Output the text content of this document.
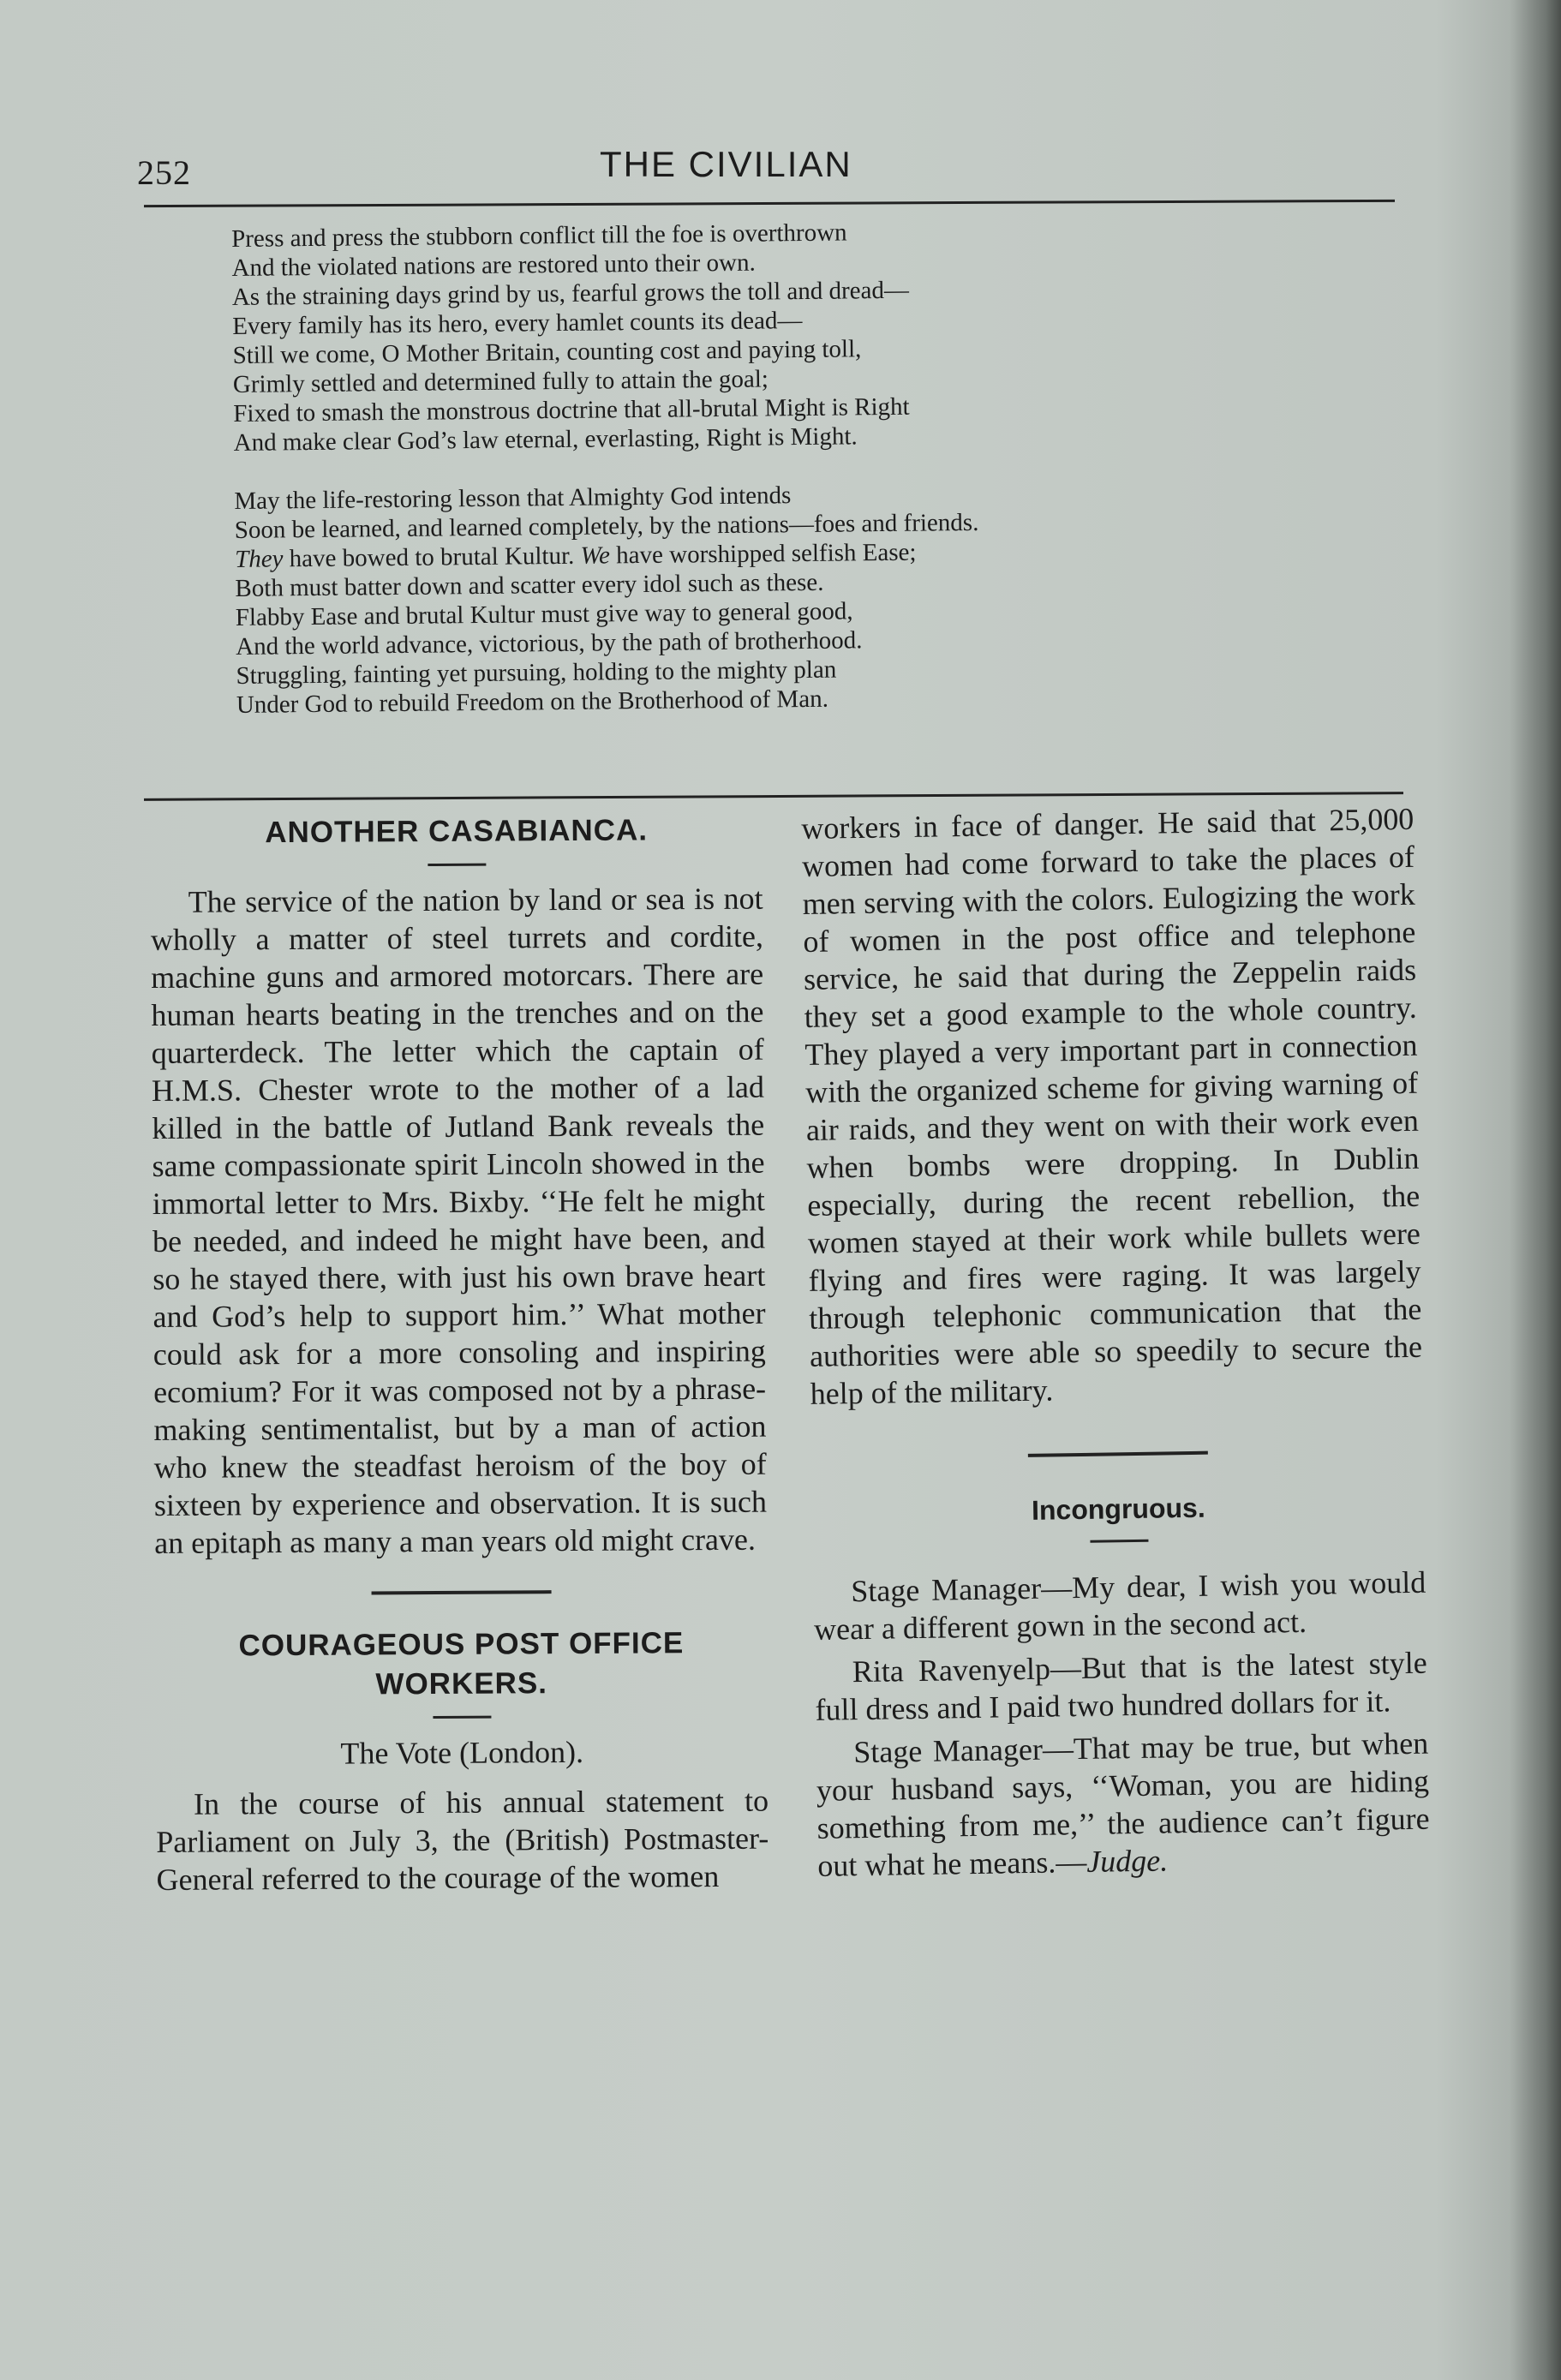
252	THE CIVILIAN
Press and press the stubborn conflict till the foe is overthrown
And the violated nations are restored unto their own.
As the straining days grind by us, fearful grows the toll and dread—
Every family has its hero, every hamlet counts its dead—
Still we come, O Mother Britain, counting cost and paying toll,
Grimly settled and determined fully to attain the goal;
Fixed to smash the monstrous doctrine that all-brutal Might is Right
And make clear God’s law eternal, everlasting, Right is Might.
May the life-restoring lesson that Almighty God intends
Soon be learned, and learned completely, by the nations—foes and friends.
They have bowed to brutal Kultur. We have worshipped selfish Ease;
Both must batter down and scatter every idol such as these.
Flabby Ease and brutal Kultur must give way to general good,
And the world advance, victorious, by the path of brotherhood.
Struggling, fainting yet pursuing, holding to the mighty plan
Under God to rebuild Freedom on the Brotherhood of Man.
ANOTHER CASABIANCA.

The service of the nation by land or sea is not wholly a matter of steel turrets and cordite, machine guns and armored motorcars. There are human hearts beating in the trenches and on the quarterdeck. The letter which the captain of H.M.S. Chester wrote to the mother of a lad killed in the battle of Jutland Bank reveals the same compassionate spirit Lincoln showed in the immortal letter to Mrs. Bixby. ‘‘He felt he might be needed, and indeed he might have been, and so he stayed there, with just his own brave heart and God’s help to support him.’’ What mother could ask for a more consoling and inspiring ecomium? For it was composed not by a phrase-making sentimentalist, but by a man of action who knew the steadfast heroism of the boy of sixteen by experience and observation. It is such an epitaph as many a man years old might crave.

COURAGEOUS POST OFFICE
WORKERS.

The Vote (London).

In the course of his annual statement to Parliament on July 3, the (British) Postmaster-General referred to the courage of the women

workers in face of danger. He said that 25,000 women had come forward to take the places of men serving with the colors. Eulogizing the work of women in the post office and telephone service, he said that during the Zeppelin raids they set a good example to the whole country. They played a very important part in connection with the organized scheme for giving warning of air raids, and they went on with their work even when bombs were dropping. In Dublin especially, during the recent rebellion, the women stayed at their work while bullets were flying and fires were raging. It was largely through telephonic communication that the authorities were able so speedily to secure the help of the military.

Incongruous.

Stage Manager—My dear, I wish you would wear a different gown in the second act.

Rita Ravenyelp—But that is the latest style full dress and I paid two hundred dollars for it.

Stage Manager—That may be true, but when your husband says, ‘‘Woman, you are hiding something from me,’’ the audience can’t figure out what he means.—Judge.
